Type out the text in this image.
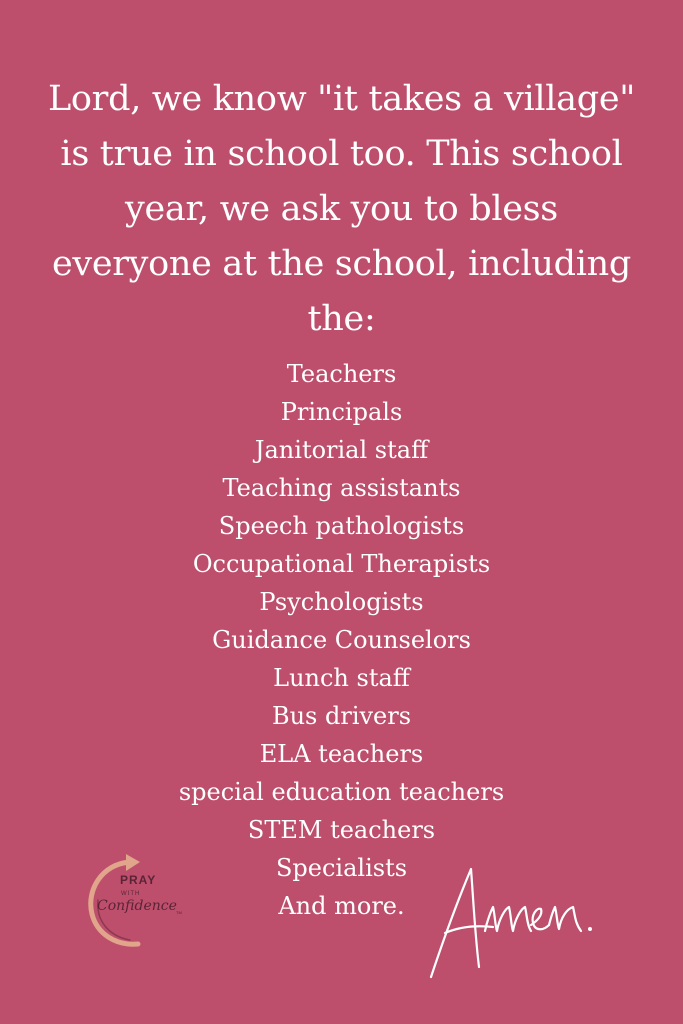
Lord, we know "it takes a village" is true in school too. This school year, we ask you to bless everyone at the school, including the:
Teachers
Principals
Janitorial staff
Teaching assistants
Speech pathologists
Occupational Therapists
Psychologists
Guidance Counselors
Lunch staff
Bus drivers
ELA teachers
special education teachers
STEM teachers
Specialists
And more.
PRAY
WITH
Confidence TM
